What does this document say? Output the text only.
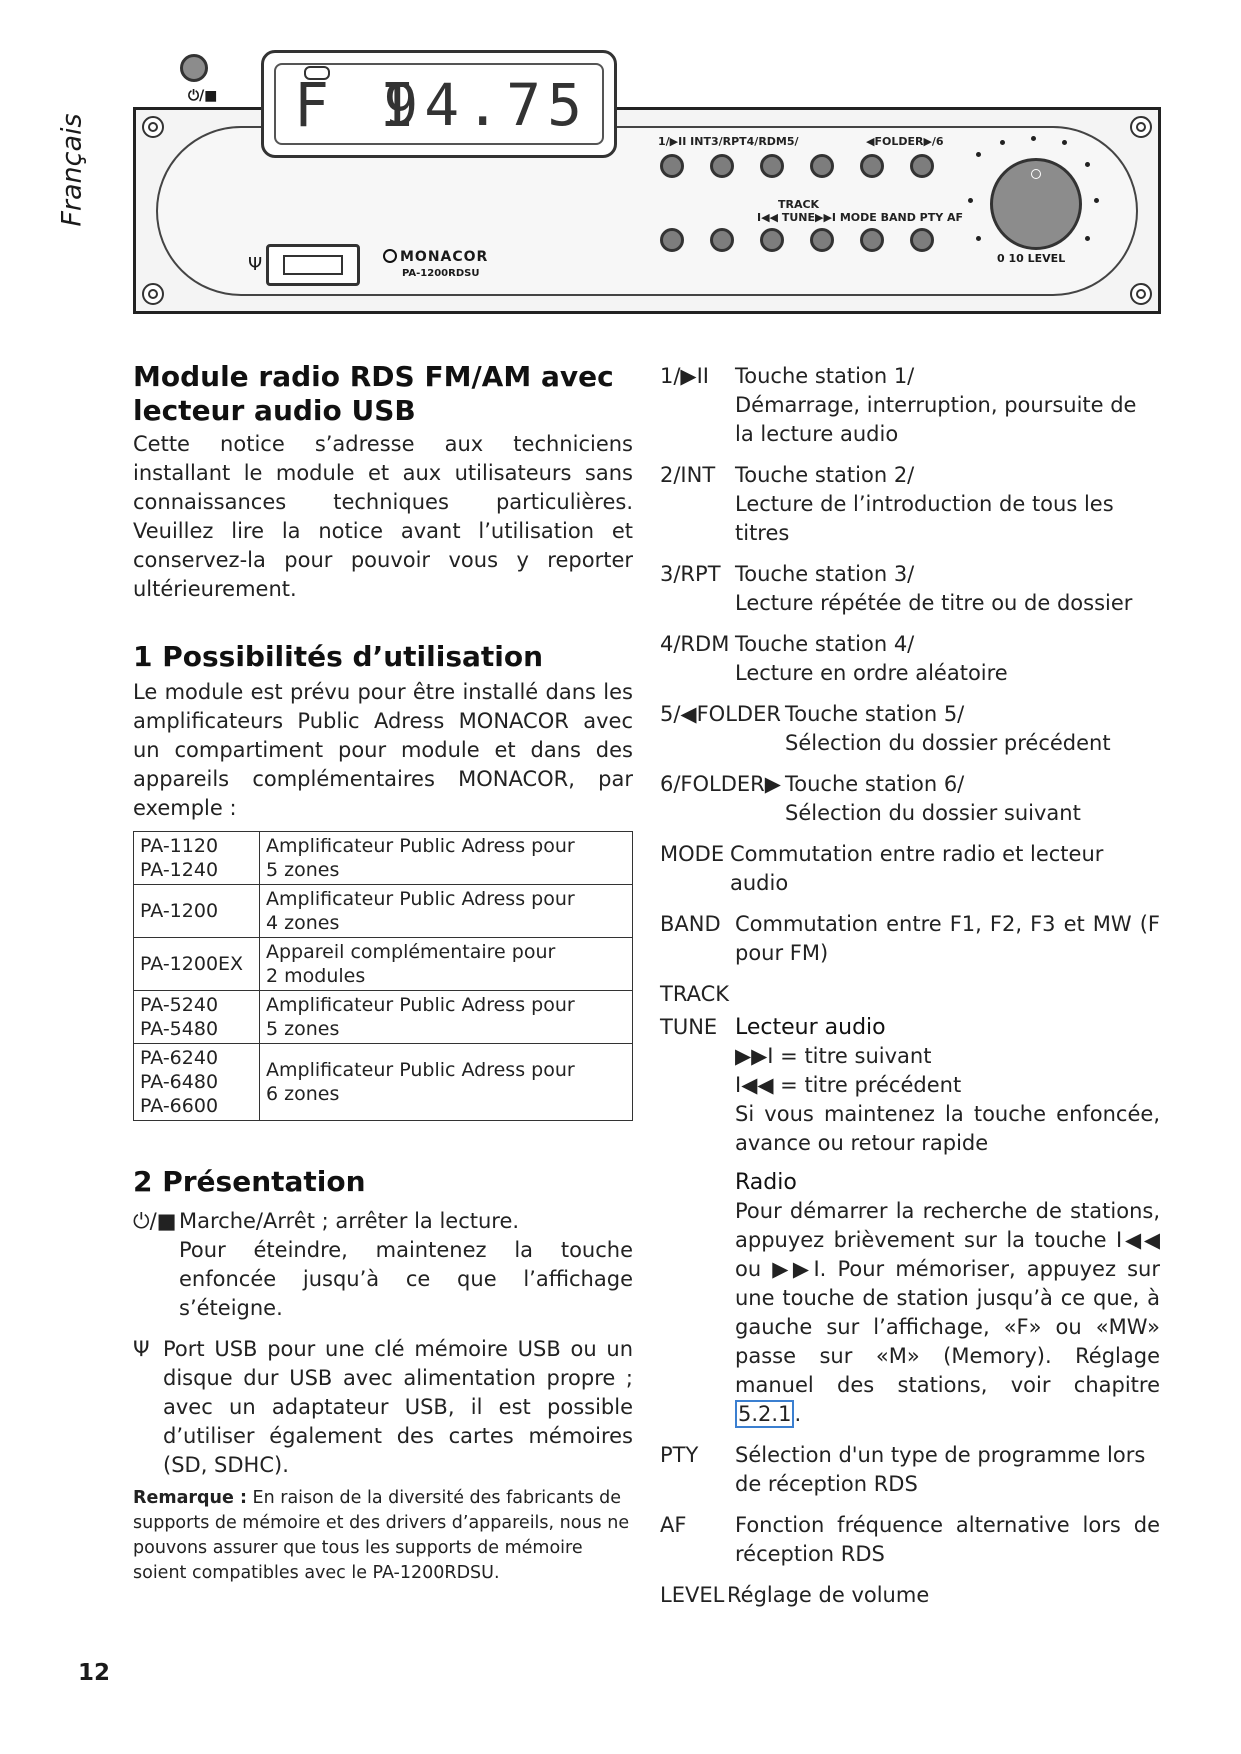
Français
⏻/■ F I
94.75
Ψ	MONACOR
PA-1200RDSU
1/▶II INT3/RPT4/RDM5/	◀FOLDER▶/6
TRACK
I◀◀ TUNE▶▶I MODE BAND PTY AF
0 10 LEVEL
Module radio RDS FM/AM avec lecteur audio USB

Cette notice s’adresse aux techniciens installant le module et aux utilisateurs sans connaissances techniques particulières. Veuillez lire la notice avant l’utilisation et conservez-la pour pouvoir vous y reporter ultérieurement.

1 Possibilités d’utilisation

Le module est prévu pour être installé dans les amplificateurs Public Adress MONACOR avec un compartiment pour module et dans des appareils complémentaires MONACOR, par exemple :

PA-1120
PA-1240	Amplificateur Public Adress pour
5 zones
PA-1200	Amplificateur Public Adress pour
4 zones
PA-1200EX	Appareil complémentaire pour
2 modules
PA-5240
PA-5480	Amplificateur Public Adress pour
5 zones
PA-6240
PA-6480
PA-6600	Amplificateur Public Adress pour
6 zones
2 Présentation
⏻/■ Marche/Arrêt ; arrêter la lecture.
Pour éteindre, maintenez la touche enfoncée jusqu’à ce que l’affichage s’éteigne.
Ψ Port USB pour une clé mémoire USB ou un disque dur USB avec alimentation propre ; avec un adaptateur USB, il est possible d’utiliser également des cartes mémoires (SD, SDHC).

Remarque : En raison de la diversité des fabricants de supports de mémoire et des drivers d’appareils, nous ne pouvons assurer que tous les supports de mémoire soient compatibles avec le PA-1200RDSU.

1/▶II	Touche station 1/
Démarrage, interruption, poursuite de la lecture audio
2/INT Touche station 2/
Lecture de l’introduction de tous les titres
3/RPT Touche station 3/
Lecture répétée de titre ou de dossier
4/RDM Touche station 4/
Lecture en ordre aléatoire
5/◀FOLDER Touche station 5/
Sélection du dossier précédent
6/FOLDER▶ Touche station 6/
Sélection du dossier suivant
MODE Commutation entre radio et lecteur audio
BAND Commutation entre F1, F2, F3 et MW (F pour FM)
TRACK
TUNE Lecteur audio
▶▶I = titre suivant
I◀◀ = titre précédent

Si vous maintenez la touche enfoncée, avance ou retour rapide
Radio

Pour démarrer la recherche de stations, appuyez brièvement sur la touche I◀◀ ou ▶▶I. Pour mémoriser, appuyez sur une touche de station jusqu’à ce que, à gauche sur l’affichage, «F» ou «MW» passe sur «M» (Memory). Réglage manuel des stations, voir chapitre 5.2.1 .
PTY	Sélection d'un type de programme lors de réception RDS
AF	Fonction fréquence alternative lors de réception RDS
LEVEL Réglage de volume
12
